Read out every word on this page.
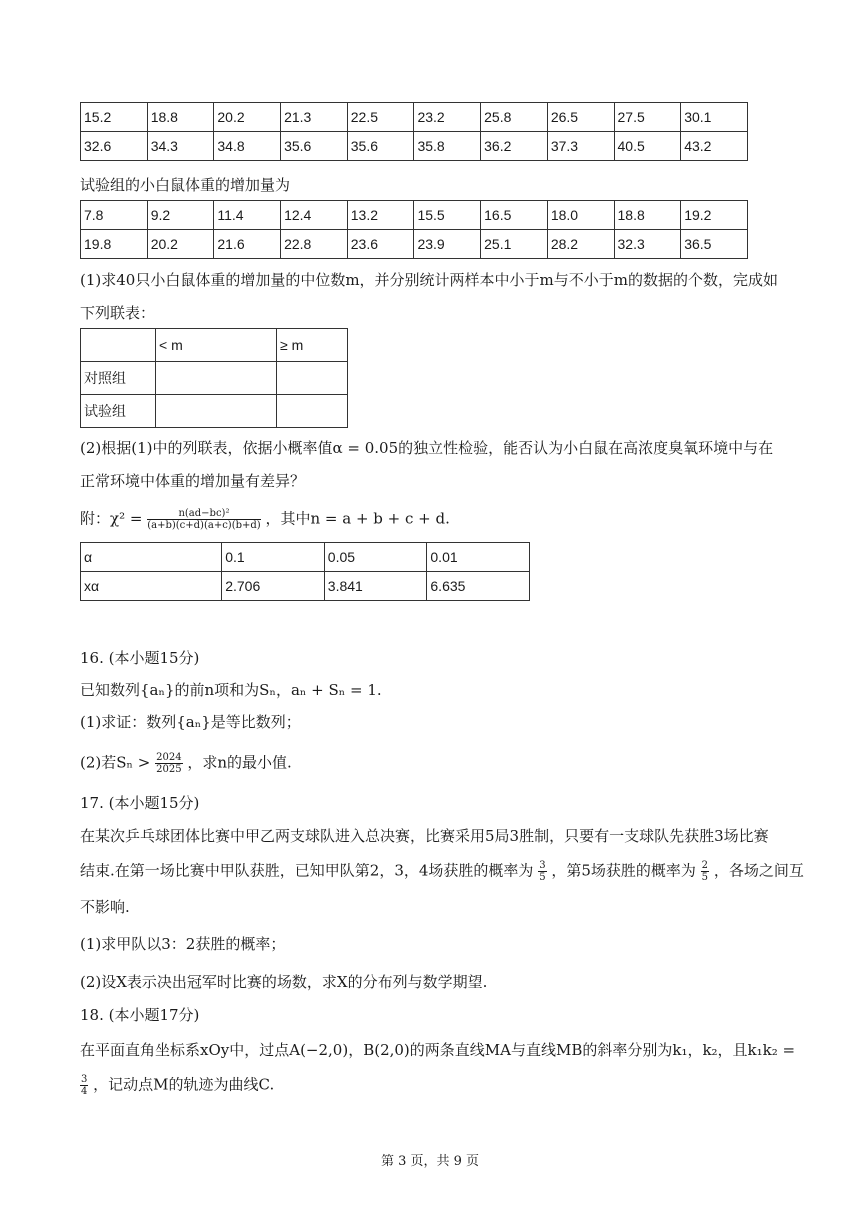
15.2	18.8	20.2	21.3	22.5	23.2	25.8	26.5	27.5	30.1
32.6	34.3	34.8	35.6	35.6	35.8	36.2	37.3	40.5	43.2
试验组的小白鼠体重的增加量为
7.8	9.2	11.4	12.4	13.2	15.5	16.5	18.0	18.8	19.2
19.8	20.2	21.6	22.8	23.6	23.9	25.1	28.2	32.3	36.5
(1)求40只小白鼠体重的增加量的中位数m，并分别统计两样本中小于m与不小于m的数据的个数，完成如
下列联表：
	< m	≥ m
对照组		
试验组		
(2)根据(1)中的列联表，依据小概率值α = 0.05的独立性检验，能否认为小白鼠在高浓度臭氧环境中与在
正常环境中体重的增加量有差异？
附：$\chi^2 = \frac{\text{n(ad−bc)²}}{(a+b)(c+d)(a+c)(b+d)}$ ，其中n = a + b + c + d.
α	0.1	0.05	0.01
xα	2.706	3.841	6.635
16. (本小题15分)
已知数列{aₙ}的前n项和为Sₙ，aₙ + Sₙ = 1.
(1)求证：数列{aₙ}是等比数列；
(2)若$S_n > \frac{2024}{2025}$ ，求n的最小值.
17. (本小题15分)
在某次乒乓球团体比赛中甲乙两支球队进入总决赛，比赛采用5局3胜制，只要有一支球队先获胜3场比赛
结束.在第一场比赛中甲队获胜，已知甲队第2，3，4场获胜的概率为 $\frac{3}{5}$ ，第5场获胜的概率为 $\frac{2}{5}$ ，各场之间互
不影响.
(1)求甲队以3：2获胜的概率；
(2)设X表示决出冠军时比赛的场数，求X的分布列与数学期望.
18. (本小题17分)
在平面直角坐标系xOy中，过点A(−2,0)，B(2,0)的两条直线MA与直线MB的斜率分别为k₁，k₂，且k₁k₂ =
$\frac{3}{4}$ ，记动点M的轨迹为曲线C.
第 3 页，共 9 页
